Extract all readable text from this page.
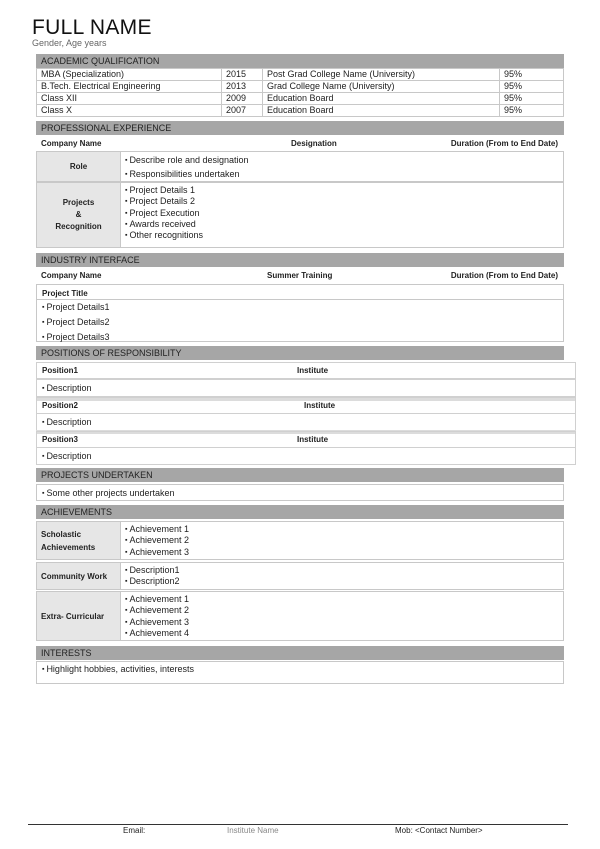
FULL NAME
Gender, Age years
ACADEMIC QUALIFICATION
MBA (Specialization)	2015	Post Grad College Name (University)	95%
B.Tech. Electrical Engineering	2013	Grad College Name (University)	95%
Class XII	2009	Education Board	95%
Class X	2007	Education Board	95%
PROFESSIONAL EXPERIENCE
Company Name	Designation	Duration (From to End Date)
Role
▪ Describe role and designation
▪ Responsibilities undertaken
Projects
&
Recognition
▪ Project Details 1
▪ Project Details 2
▪ Project Execution
▪ Awards received
▪ Other recognitions
INDUSTRY INTERFACE
Company Name	Summer Training	Duration (From to End Date)
Project Title
▪ Project Details1
▪ Project Details2
▪ Project Details3
POSITIONS OF RESPONSIBILITY
Position1	Institute
▪ Description
Position2	Institute
▪ Description
Position3	Institute
▪ Description
PROJECTS UNDERTAKEN
▪ Some other projects undertaken
ACHIEVEMENTS
Scholastic
Achievements
▪ Achievement 1
▪ Achievement 2
▪ Achievement 3
Community Work
▪ Description1
▪ Description2
Extra- Curricular
▪ Achievement 1
▪ Achievement 2
▪ Achievement 3
▪ Achievement 4
INTERESTS
▪ Highlight hobbies, activities, interests
Email:	Institute Name	Mob: <Contact Number>
